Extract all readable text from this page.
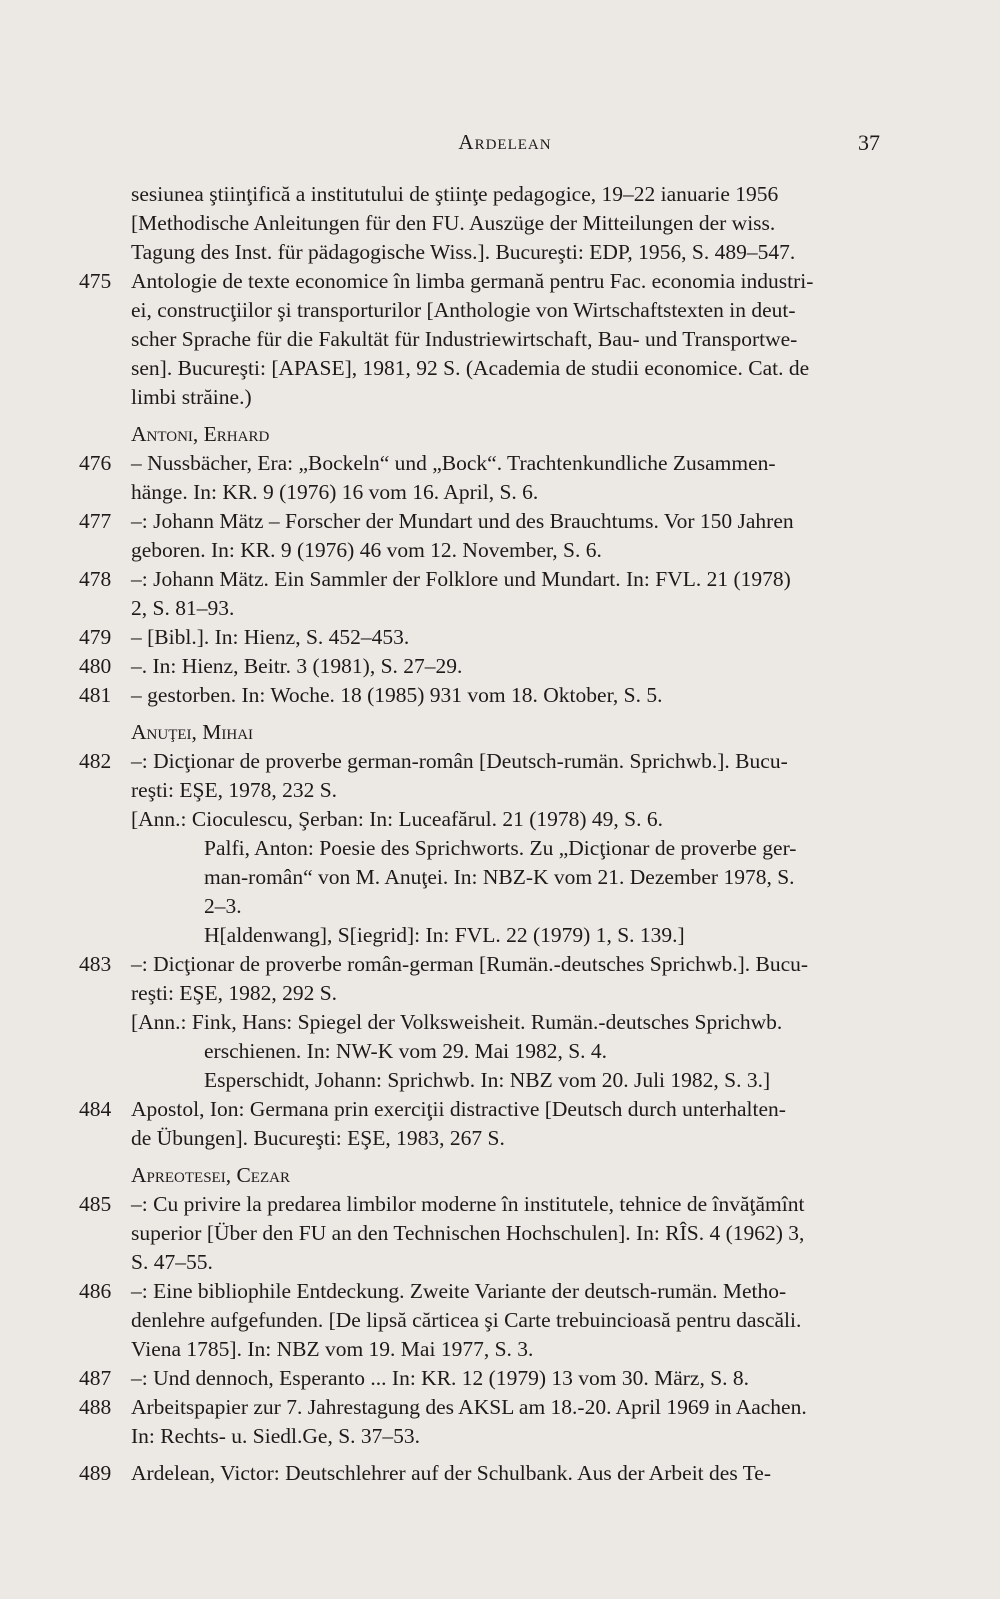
Ardelean	37
sesiunea ştiinţifică a institutului de ştiinţe pedagogice, 19–22 ianuarie 1956
[Methodische Anleitungen für den FU. Auszüge der Mitteilungen der wiss.
Tagung des Inst. für pädagogische Wiss.]. Bucureşti: EDP, 1956, S. 489–547.
475 Antologie de texte economice în limba germană pentru Fac. economia industri-
ei, construcţiilor şi transporturilor [Anthologie von Wirtschaftstexten in deut-
scher Sprache für die Fakultät für Industriewirtschaft, Bau- und Transportwe-
sen]. Bucureşti: [APASE], 1981, 92 S. (Academia de studii economice. Cat. de
limbi străine.)
Antoni, Erhard
476 – Nussbächer, Era: „Bockeln“ und „Bock“. Trachtenkundliche Zusammen-
hänge. In: KR. 9 (1976) 16 vom 16. April, S. 6.
477 –: Johann Mätz – Forscher der Mundart und des Brauchtums. Vor 150 Jahren
geboren. In: KR. 9 (1976) 46 vom 12. November, S. 6.
478 –: Johann Mätz. Ein Sammler der Folklore und Mundart. In: FVL. 21 (1978)
2, S. 81–93.
479 – [Bibl.]. In: Hienz, S. 452–453.
480 –. In: Hienz, Beitr. 3 (1981), S. 27–29.
481 – gestorben. In: Woche. 18 (1985) 931 vom 18. Oktober, S. 5.
Anuţei, Mihai
482 –: Dicţionar de proverbe german-român [Deutsch-rumän. Sprichwb.]. Bucu-
reşti: EŞE, 1978, 232 S.
[Ann.: Cioculescu, Şerban: In: Luceafărul. 21 (1978) 49, S. 6.
Palfi, Anton: Poesie des Sprichworts. Zu „Dicţionar de proverbe ger-
man-român“ von M. Anuţei. In: NBZ-K vom 21. Dezember 1978, S.
2–3.
H[aldenwang], S[iegrid]: In: FVL. 22 (1979) 1, S. 139.]
483 –: Dicţionar de proverbe român-german [Rumän.-deutsches Sprichwb.]. Bucu-
reşti: EŞE, 1982, 292 S.
[Ann.: Fink, Hans: Spiegel der Volksweisheit. Rumän.-deutsches Sprichwb.
erschienen. In: NW-K vom 29. Mai 1982, S. 4.
Esperschidt, Johann: Sprichwb. In: NBZ vom 20. Juli 1982, S. 3.]
484 Apostol, Ion: Germana prin exerciţii distractive [Deutsch durch unterhalten-
de Übungen]. Bucureşti: EŞE, 1983, 267 S.
Apreotesei, Cezar
485 –: Cu privire la predarea limbilor moderne în institutele, tehnice de învăţămînt
superior [Über den FU an den Technischen Hochschulen]. In: RÎS. 4 (1962) 3,
S. 47–55.
486 –: Eine bibliophile Entdeckung. Zweite Variante der deutsch-rumän. Metho-
denlehre aufgefunden. [De lipsă cărticea şi Carte trebuincioasă pentru dascăli.
Viena 1785]. In: NBZ vom 19. Mai 1977, S. 3.
487 –: Und dennoch, Esperanto ... In: KR. 12 (1979) 13 vom 30. März, S. 8.
488 Arbeitspapier zur 7. Jahrestagung des AKSL am 18.-20. April 1969 in Aachen.
In: Rechts- u. Siedl.Ge, S. 37–53.
489 Ardelean, Victor: Deutschlehrer auf der Schulbank. Aus der Arbeit des Te-
